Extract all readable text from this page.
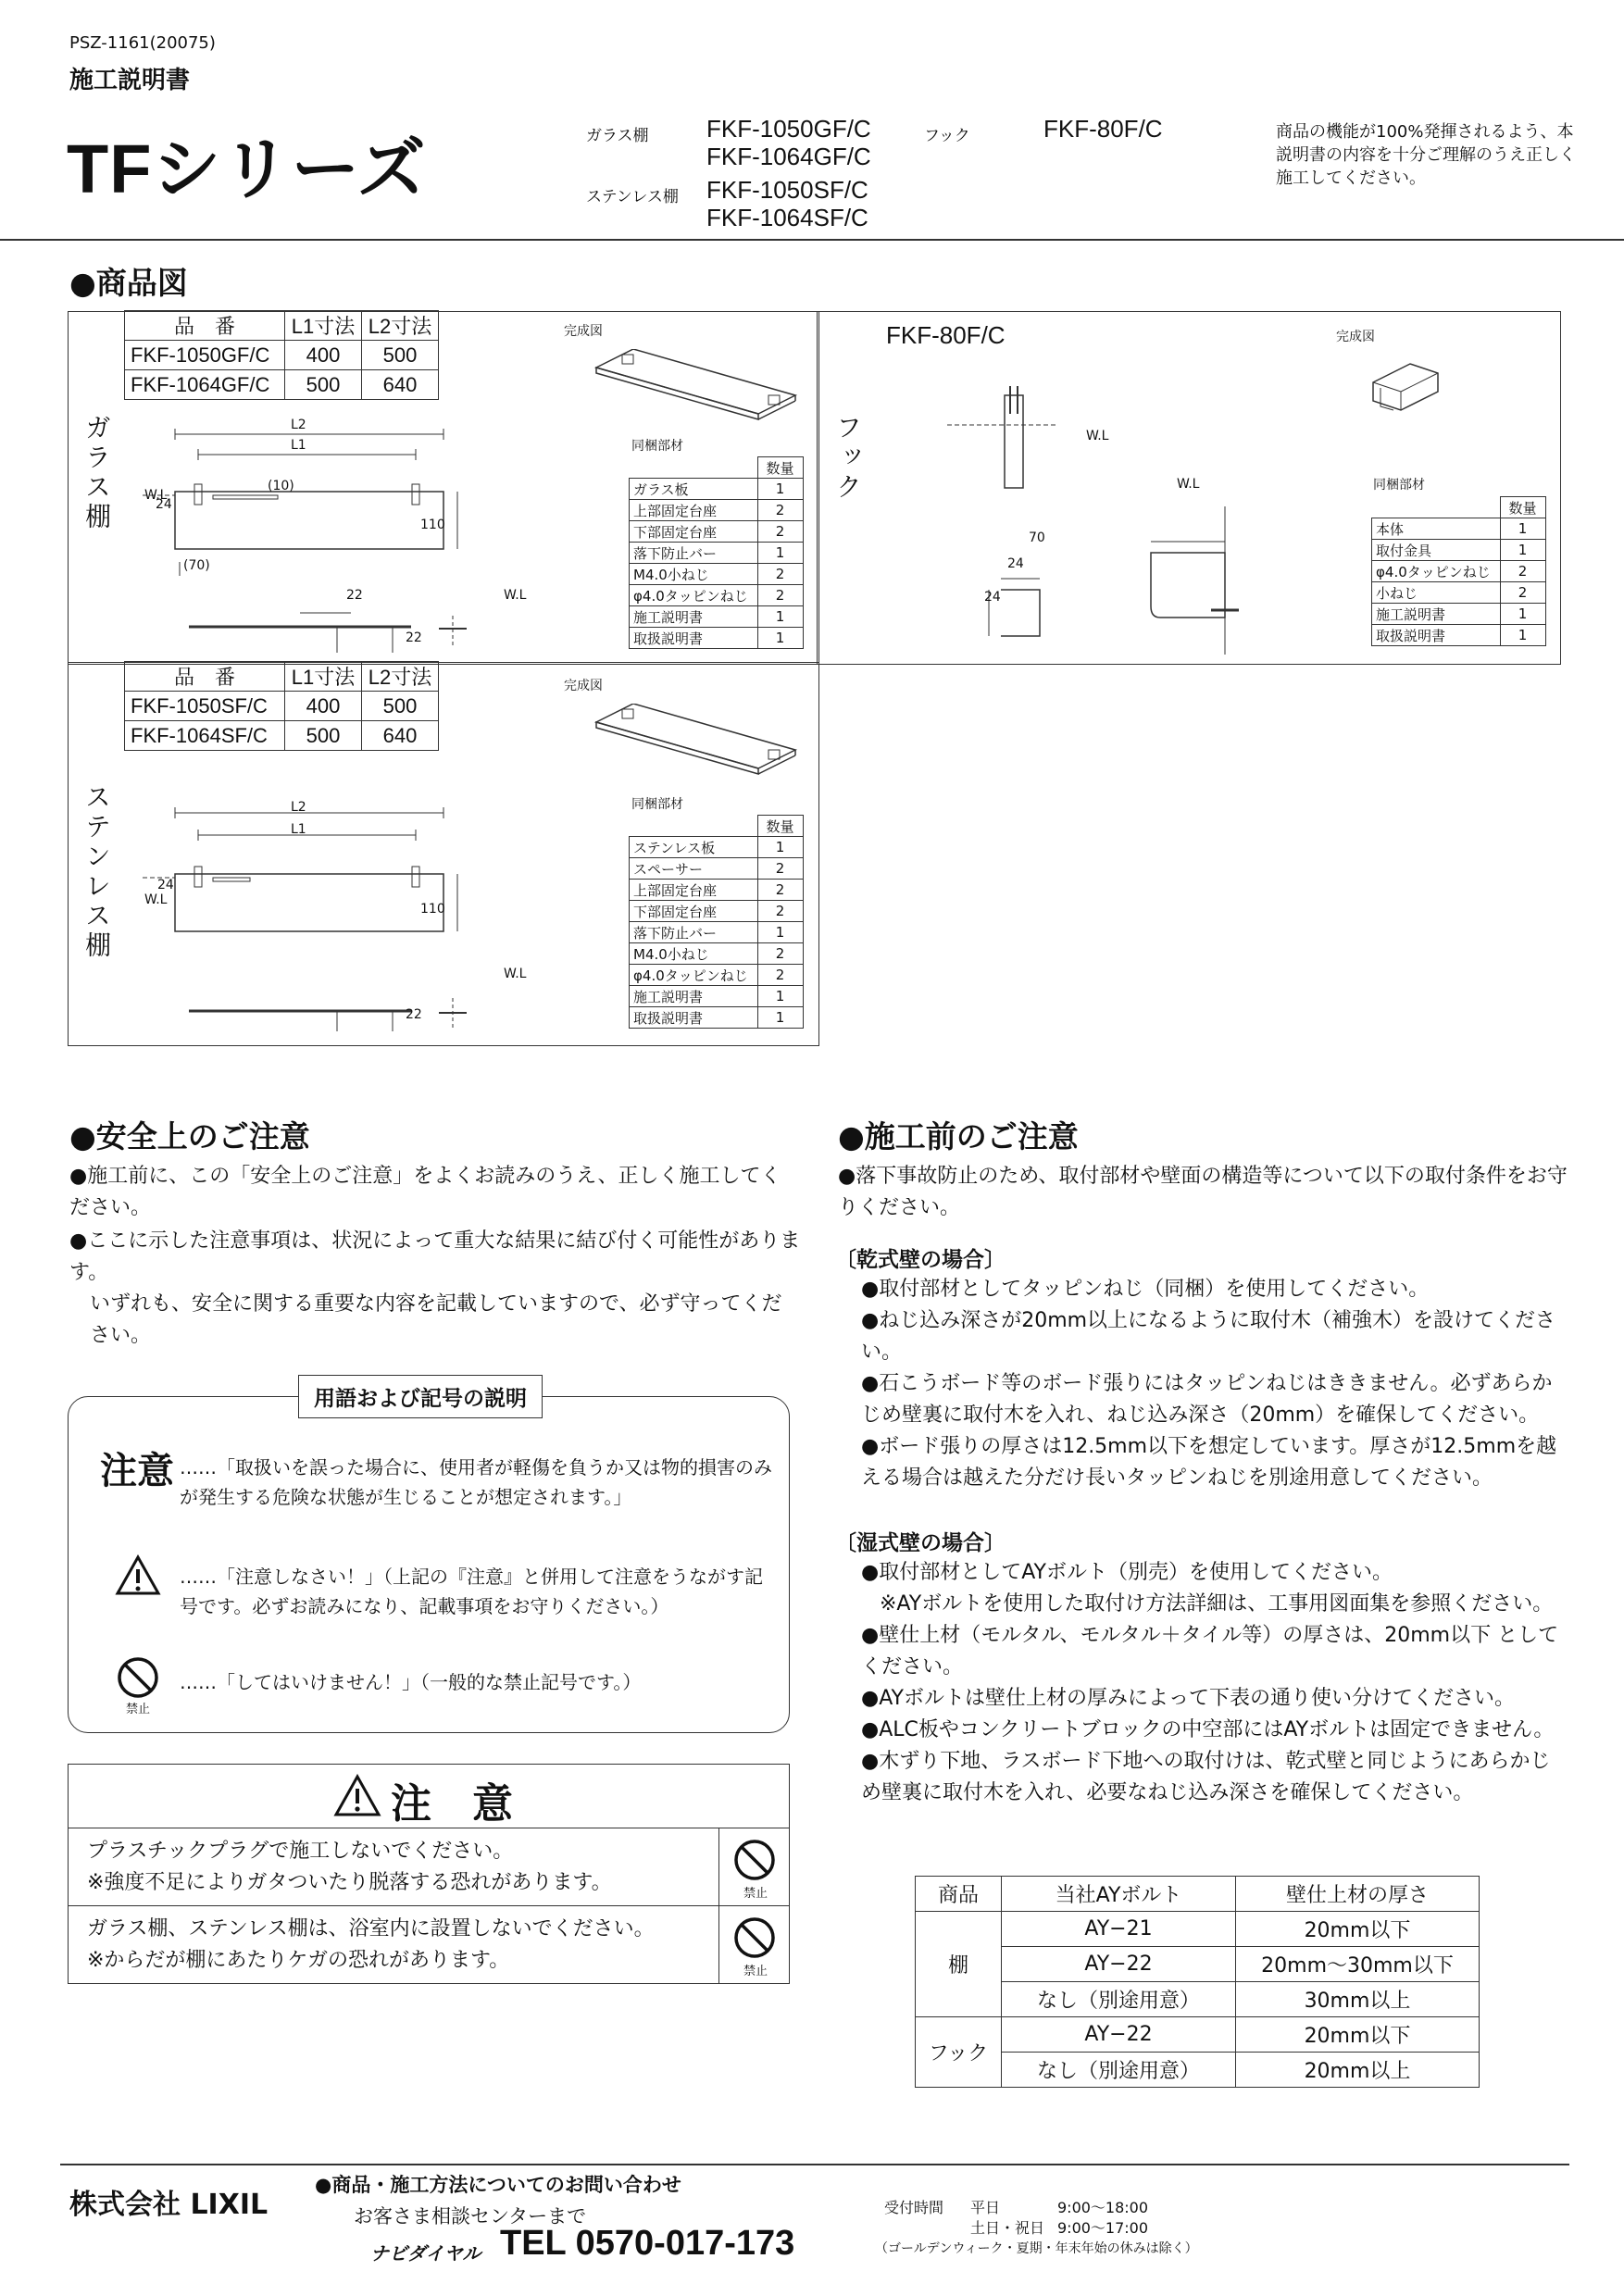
PSZ-1161(20075)
施工説明書
TFシリーズ	ガラス棚 FKF-1050GF/C
FKF-1064GF/C
ステンレス棚 FKF-1050SF/C
FKF-1064SF/C
フック	FKF-80F/C	商品の機能が100%発揮されるよう、本説明書の内容を十分ご理解のうえ正しく施工してください。
●商品図
ガラス棚
品　番	L1寸法	L2寸法
FKF-1050GF/C	400	500
FKF-1064GF/C	500	640
完成図
L2
L1
W.L
(10)
110
(70)
22
22
24
W.L
同梱部材
	数量
ガラス板	1
上部固定台座	2
下部固定台座	2
落下防止バー	1
M4.0小ねじ	2
φ4.0タッピンねじ	2
施工説明書	1
取扱説明書	1
フック
FKF-80F/C	完成図
W.L
70
24
24
W.L	同梱部材
	数量
本体	1
取付金具	1
φ4.0タッピンねじ	2
小ねじ	2
施工説明書	1
取扱説明書	1
ステンレス棚
品　番	L1寸法	L2寸法
FKF-1050SF/C	400	500
FKF-1064SF/C	500	640
完成図
L2
L1
W.L
24
110
22
W.L
同梱部材
	数量
ステンレス板	1
スペーサー	2
上部固定台座	2
下部固定台座	2
落下防止バー	1
M4.0小ねじ	2
φ4.0タッピンねじ	2
施工説明書	1
取扱説明書	1
●安全上のご注意
●施工前に、この「安全上のご注意」をよくお読みのうえ、正しく施工してください。
●ここに示した注意事項は、状況によって重大な結果に結び付く可能性があります。
いずれも、安全に関する重要な内容を記載していますので、必ず守ってください。
用語および記号の説明
注意 ……「取扱いを誤った場合に、使用者が軽傷を負うか又は物的損害のみが発生する危険な状態が生じることが想定されます。」
……「注意しなさい！」（上記の『注意』と併用して注意をうながす記号です。必ずお読みになり、記載事項をお守りください。）
禁止
……「してはいけません！」（一般的な禁止記号です。）
注　意
プラスチックプラグで施工しないでください。
※強度不足によりガタついたり脱落する恐れがあります。	禁止
ガラス棚、ステンレス棚は、浴室内に設置しないでください。
※からだが棚にあたりケガの恐れがあります。	禁止
●施工前のご注意
●落下事故防止のため、取付部材や壁面の構造等について以下の取付条件をお守りください。
〔乾式壁の場合〕
●取付部材としてタッピンねじ（同梱）を使用してください。
●ねじ込み深さが20mm以上になるように取付木（補強木）を設けてください。
●石こうボード等のボード張りにはタッピンねじはききません。必ずあらかじめ壁裏に取付木を入れ、ねじ込み深さ（20mm）を確保してください。
●ボード張りの厚さは12.5mm以下を想定しています。厚さが12.5mmを越える場合は越えた分だけ長いタッピンねじを別途用意してください。
〔湿式壁の場合〕
●取付部材としてAYボルト（別売）を使用してください。
※AYボルトを使用した取付け方法詳細は、工事用図面集を参照ください。
●壁仕上材（モルタル、モルタル＋タイル等）の厚さは、20mm以下 としてください。
●AYボルトは壁仕上材の厚みによって下表の通り使い分けてください。
●ALC板やコンクリートブロックの中空部にはAYボルトは固定できません。
●木ずり下地、ラスボード下地への取付けは、乾式壁と同じようにあらかじめ壁裏に取付木を入れ、必要なねじ込み深さを確保してください。
商品	当社AYボルト	壁仕上材の厚さ
棚	AY−21	20mm以下
	AY−22	20mm〜30mm以下
	なし（別途用意）	30mm以上
フック	AY−22	20mm以下
	なし（別途用意）	20mm以上
株式会社 LIXIL
●商品・施工方法についてのお問い合わせ
お客さま相談センターまで
ナビダイヤル TEL 0570-017-173
受付時間 平日	9:00〜18:00
土日・祝日 9:00〜17:00
（ゴールデンウィーク・夏期・年末年始の休みは除く）
